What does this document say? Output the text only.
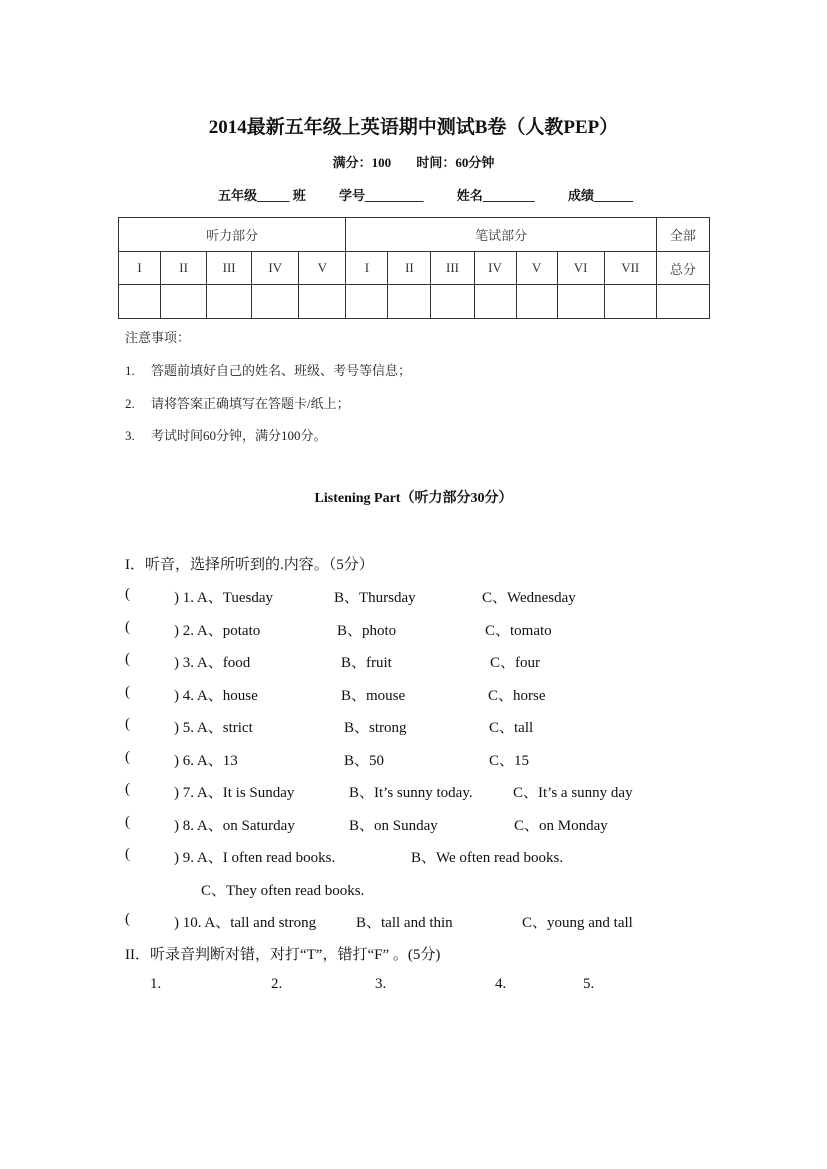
2014最新五年级上英语期中测试B卷（人教PEP）
满分：100 时间：60分钟
五年级_____ 班	学号_________	姓名________	成绩______
听力部分					笔试部分							全部
I	II	III	IV	V	I	II	III	IV	V	VI	VII	总分

注意事项：
1. 答题前填好自己的姓名、班级、考号等信息；
2. 请将答案正确填写在答题卡/纸上；
3. 考试时间60分钟，满分100分。
Listening Part（听力部分30分）
I．听音，选择所听到的.内容。（5分）
(	) 1. A、Tuesday	B、Thursday	C、Wednesday
(	) 2. A、potato	B、photo	C、tomato
(	) 3. A、food	B、fruit	C、four
(	) 4. A、house	B、mouse	C、horse
(	) 5. A、strict	B、strong	C、tall
(	) 6. A、13	B、50	C、15
(	) 7. A、It is Sunday	B、It’s sunny today.	C、It’s a sunny day
(	) 8. A、on Saturday	B、on Sunday	C、on Monday
(	) 9. A、I often read books.	B、We often read books.
C、They often read books.
(	) 10. A、tall and strong	B、tall and thin	C、young and tall
II．听录音判断对错，对打“T”，错打“F” 。(5分)
1.	2.	3.	4.	5.
